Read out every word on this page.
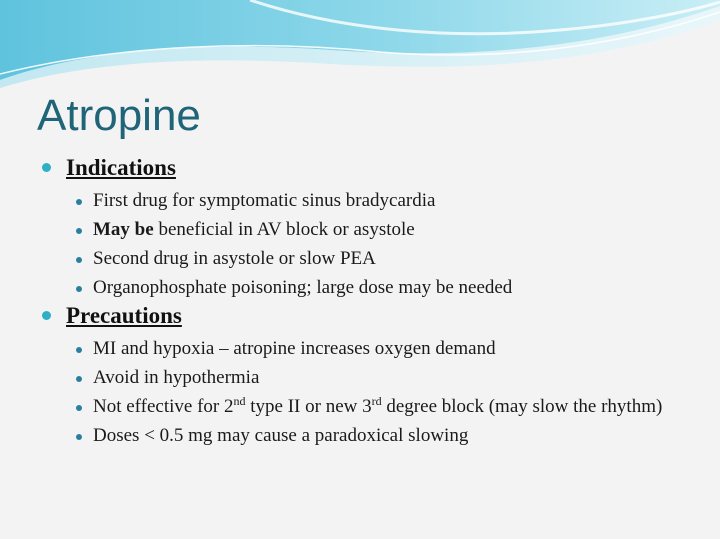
Atropine
Indications
First drug for symptomatic sinus bradycardia
May be beneficial in AV block or asystole
Second drug in asystole or slow PEA
Organophosphate poisoning; large dose may be needed
Precautions
MI and hypoxia – atropine increases oxygen demand
Avoid in hypothermia
Not effective for 2nd type II or new 3rd degree block (may slow the rhythm)
Doses < 0.5 mg may cause a paradoxical slowing
